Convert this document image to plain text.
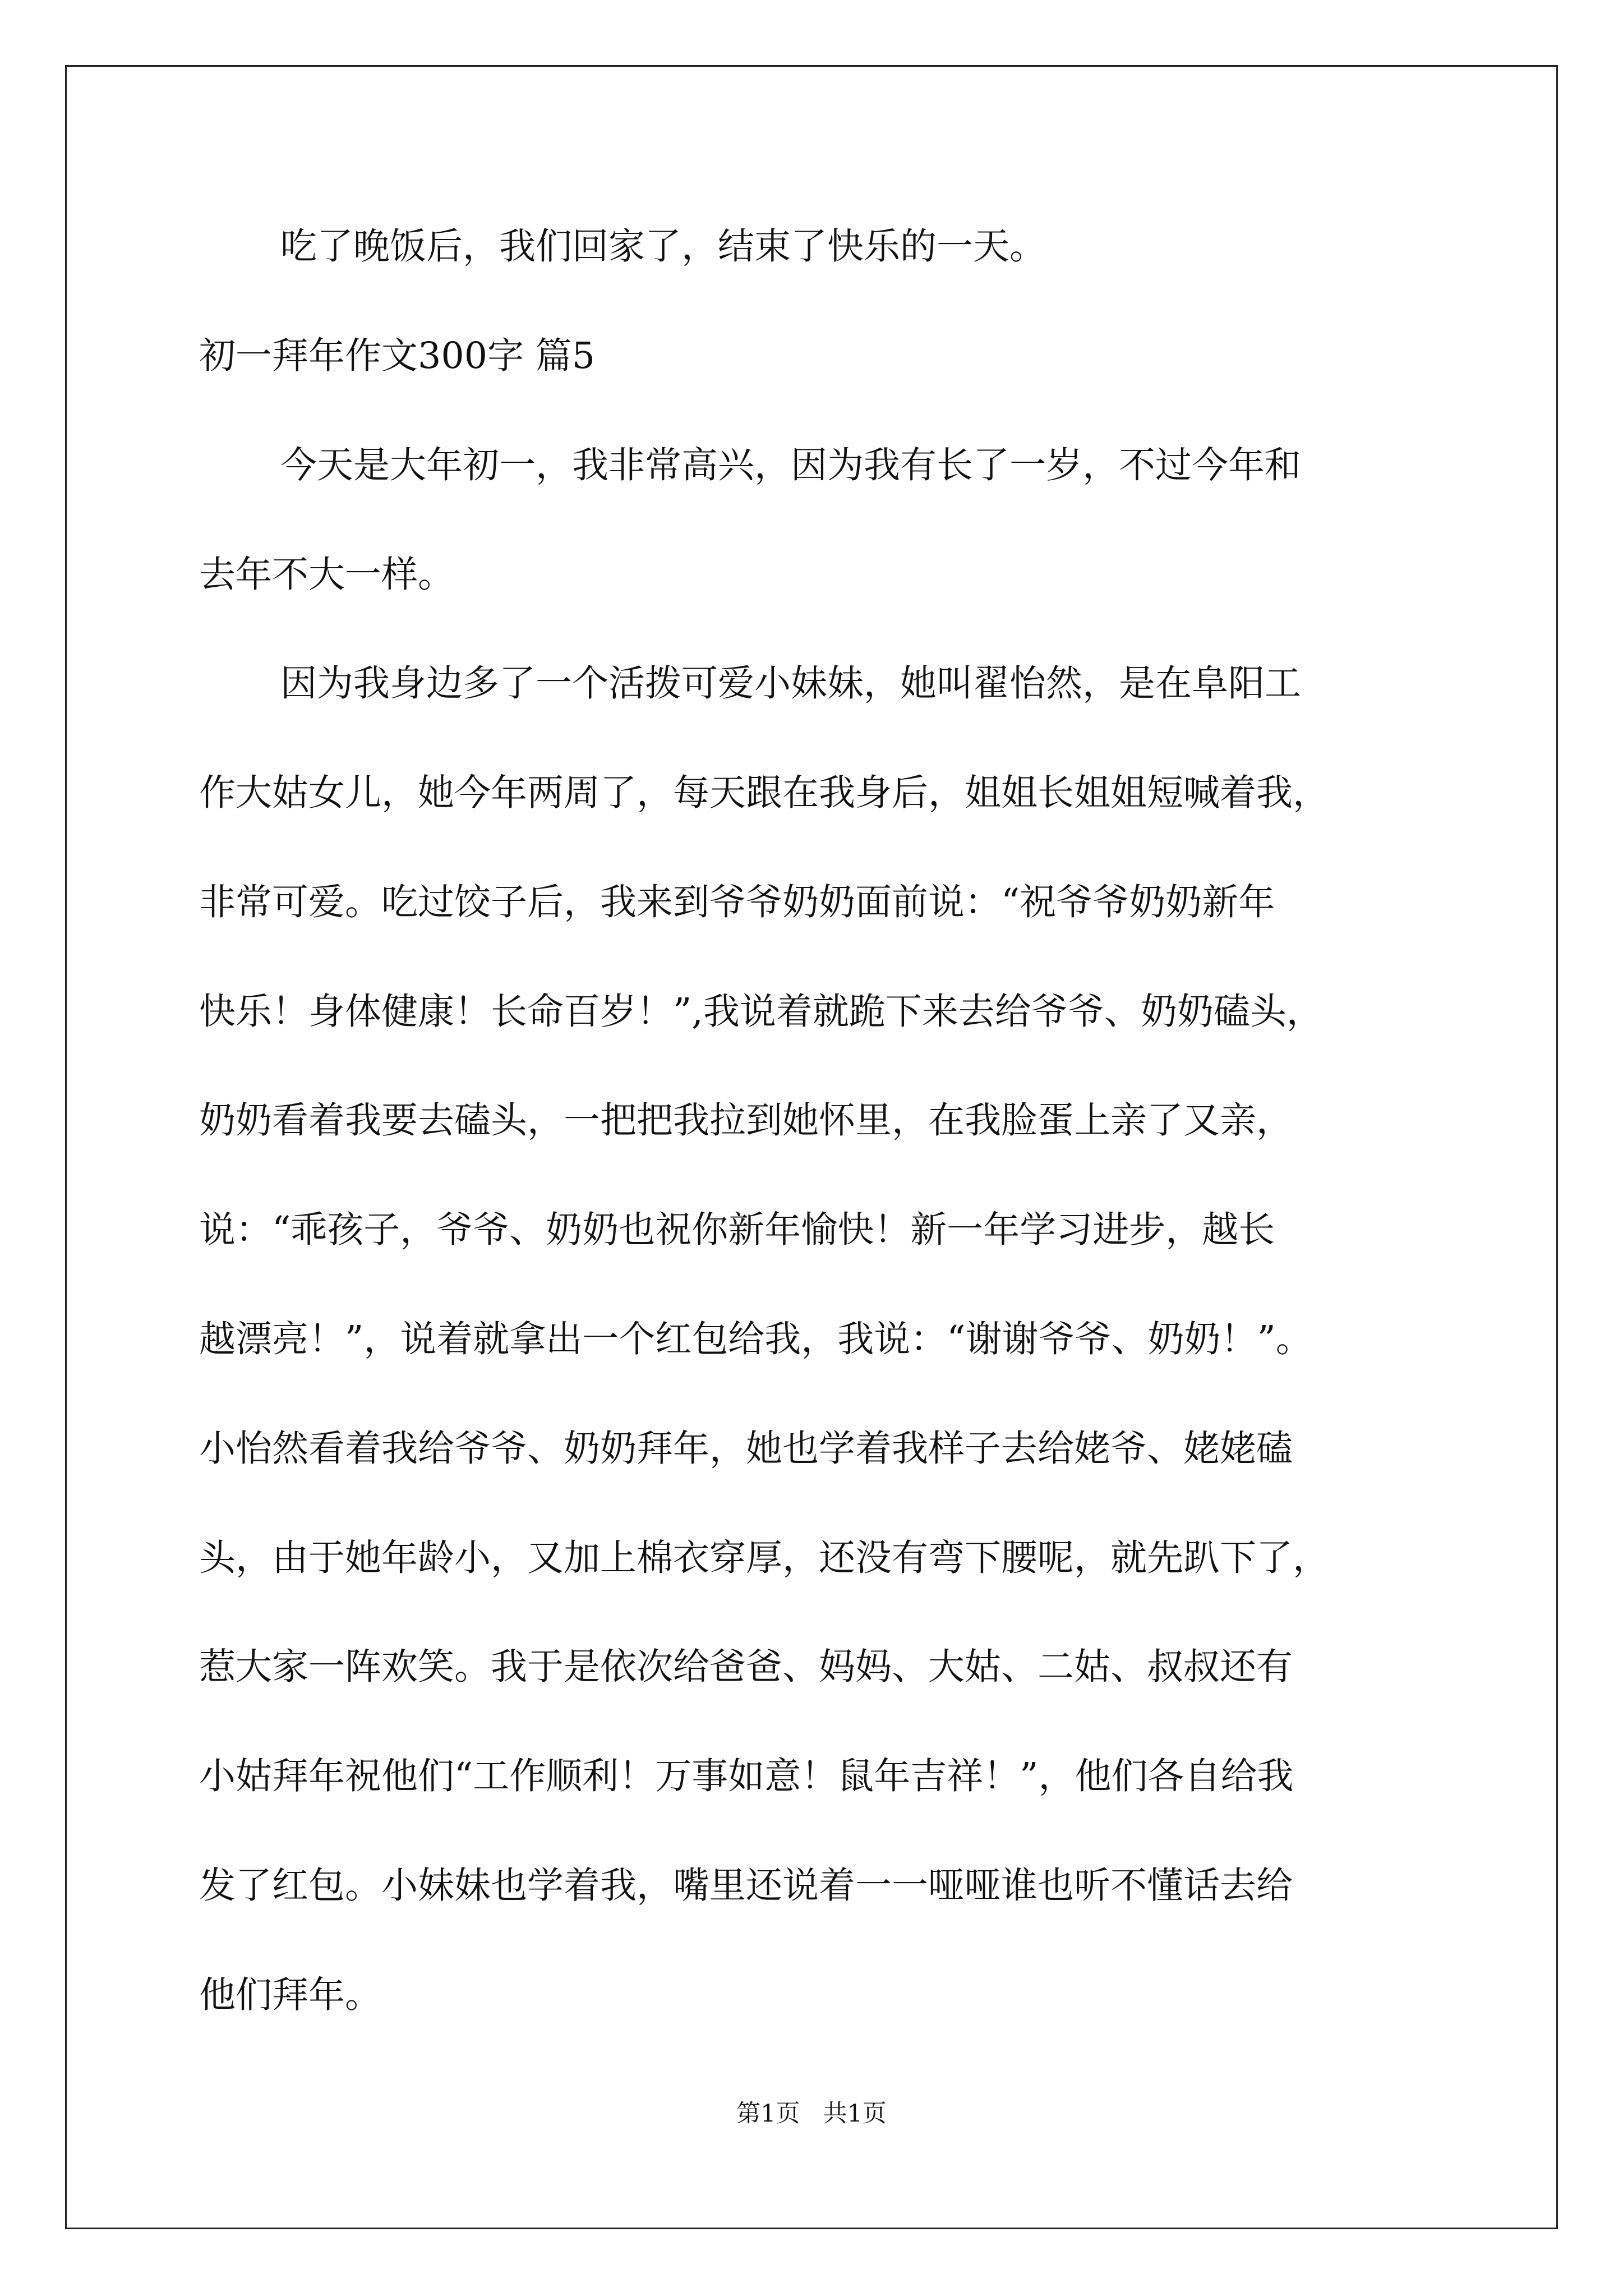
吃了晚饭后，我们回家了，结束了快乐的一天。

初一拜年作文300字 篇5

今天是大年初一，我非常高兴，因为我有长了一岁，不过今年和

去年不大一样。

因为我身边多了一个活拨可爱小妹妹，她叫翟怡然，是在阜阳工

作大姑女儿，她今年两周了，每天跟在我身后，姐姐长姐姐短喊着我，

非常可爱。吃过饺子后，我来到爷爷奶奶面前说：“祝爷爷奶奶新年

快乐！身体健康！长命百岁！”,我说着就跪下来去给爷爷、奶奶磕头，

奶奶看着我要去磕头，一把把我拉到她怀里，在我脸蛋上亲了又亲，

说：“乖孩子，爷爷、奶奶也祝你新年愉快！新一年学习进步，越长

越漂亮！”，说着就拿出一个红包给我，我说：“谢谢爷爷、奶奶！”。

小怡然看着我给爷爷、奶奶拜年，她也学着我样子去给姥爷、姥姥磕

头，由于她年龄小，又加上棉衣穿厚，还没有弯下腰呢，就先趴下了，

惹大家一阵欢笑。我于是依次给爸爸、妈妈、大姑、二姑、叔叔还有

小姑拜年祝他们“工作顺利！万事如意！鼠年吉祥！”，他们各自给我

发了红包。小妹妹也学着我，嘴里还说着一一哑哑谁也听不懂话去给

他们拜年。

第1页   共1页
